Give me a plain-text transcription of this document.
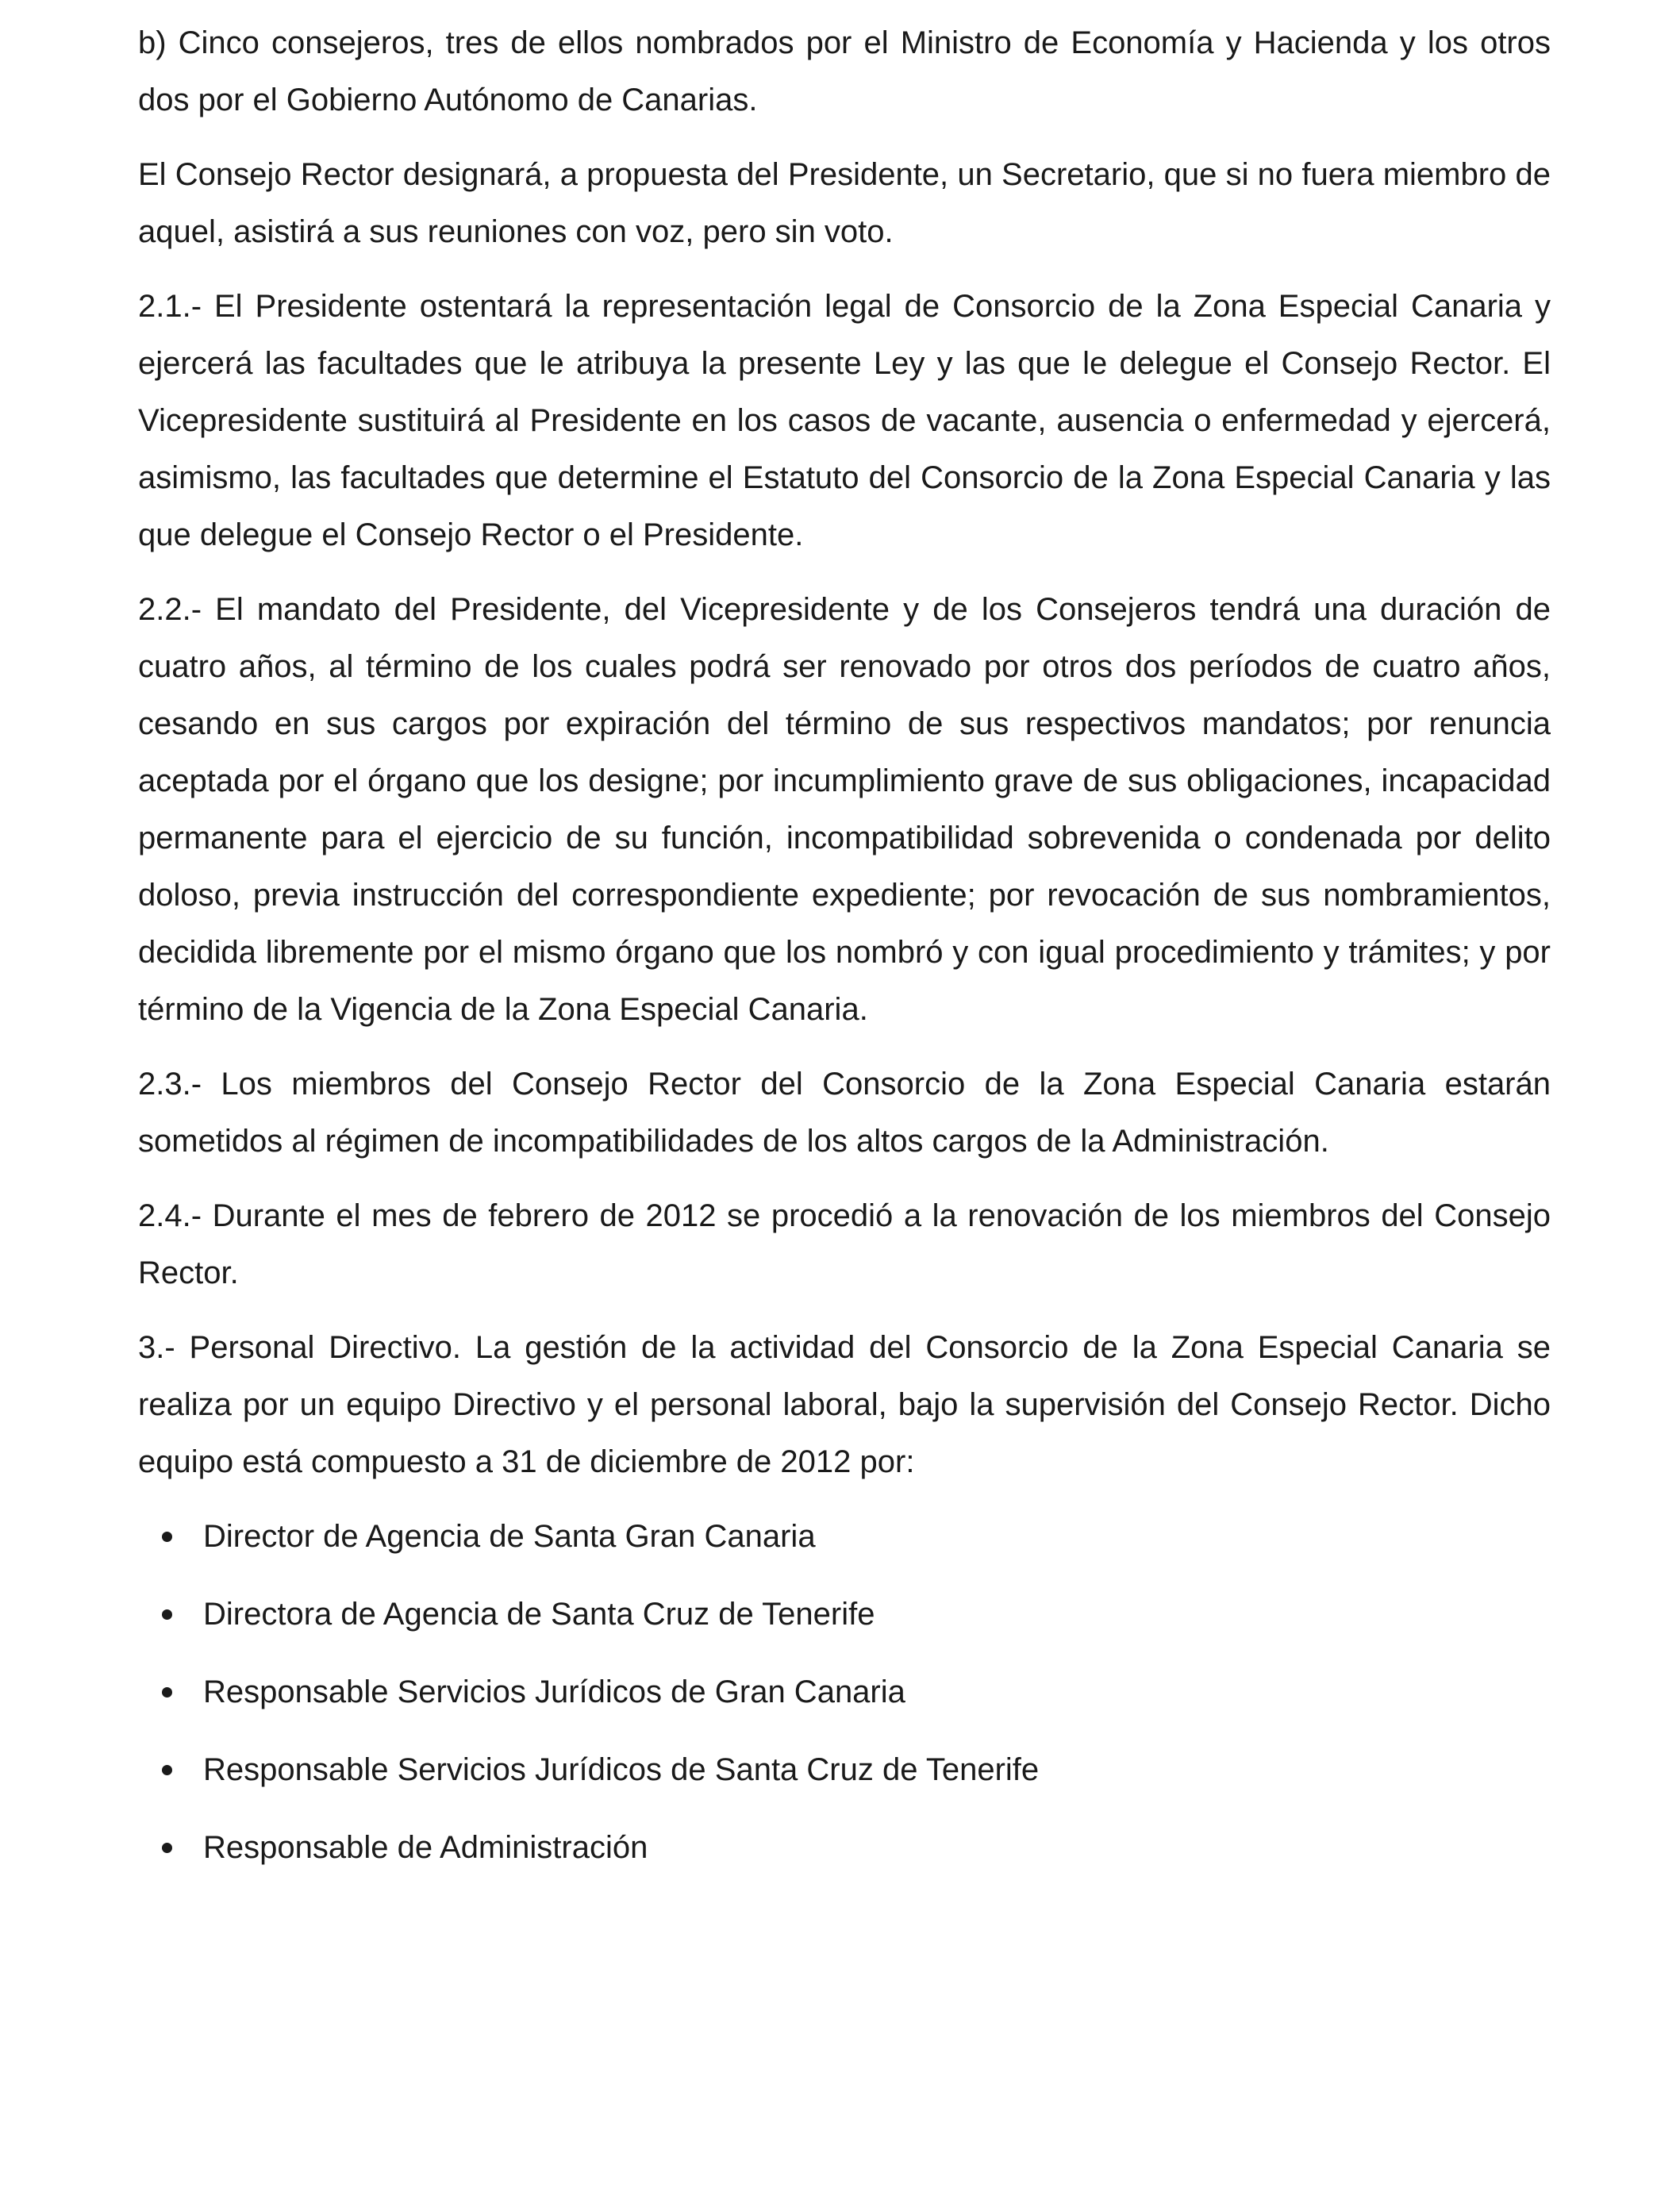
b) Cinco consejeros, tres de ellos nombrados por el Ministro de Economía y Hacienda y los otros dos por el Gobierno Autónomo de Canarias.

El Consejo Rector designará, a propuesta del Presidente, un Secretario, que si no fuera miembro de aquel, asistirá a sus reuniones con voz, pero sin voto.

2.1.- El Presidente ostentará la representación legal de Consorcio de la Zona Especial Canaria y ejercerá las facultades que le atribuya la presente Ley y las que le delegue el Consejo Rector. El Vicepresidente sustituirá al Presidente en los casos de vacante, ausencia o enfermedad y ejercerá, asimismo, las facultades que determine el Estatuto del Consorcio de la Zona Especial Canaria y las que delegue el Consejo Rector o el Presidente.

2.2.- El mandato del Presidente, del Vicepresidente y de los Consejeros tendrá una duración de cuatro años, al término de los cuales podrá ser renovado por otros dos períodos de cuatro años, cesando en sus cargos por expiración del término de sus respectivos mandatos; por renuncia aceptada por el órgano que los designe; por incumplimiento grave de sus obligaciones, incapacidad permanente para el ejercicio de su función, incompatibilidad sobrevenida o condenada por delito doloso, previa instrucción del correspondiente expediente; por revocación de sus nombramientos, decidida libremente por el mismo órgano que los nombró y con igual procedimiento y trámites; y por término de la Vigencia de la Zona Especial Canaria.

2.3.- Los miembros del Consejo Rector del Consorcio de la Zona Especial Canaria estarán sometidos al régimen de incompatibilidades de los altos cargos de la Administración.

2.4.- Durante el mes de febrero de 2012 se procedió a la renovación de los miembros del Consejo Rector.

3.- Personal Directivo. La gestión de la actividad del Consorcio de la Zona Especial Canaria se realiza por un equipo Directivo y el personal laboral, bajo la supervisión del Consejo Rector. Dicho equipo está compuesto a 31 de diciembre de 2012 por:

Director de Agencia de Santa Gran Canaria
Directora de Agencia de Santa Cruz de Tenerife
Responsable Servicios Jurídicos de Gran Canaria
Responsable Servicios Jurídicos de Santa Cruz de Tenerife
Responsable de Administración
